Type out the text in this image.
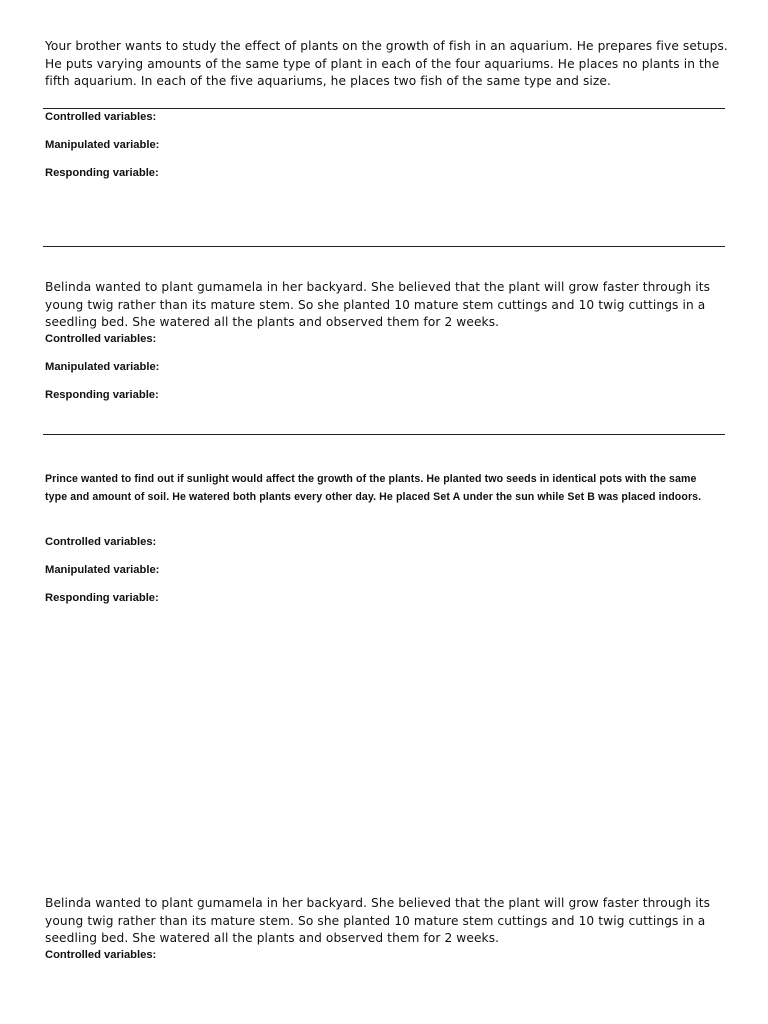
Your brother wants to study the effect of plants on the growth of fish in an aquarium. He prepares five setups. He puts varying amounts of the same type of plant in each of the four aquariums. He places no plants in the fifth aquarium. In each of the five aquariums, he places two fish of the same type and size.

Controlled variables:

Manipulated variable:

Responding variable:

Belinda wanted to plant gumamela in her backyard. She believed that the plant will grow faster through its young twig rather than its mature stem. So she planted 10 mature stem cuttings and 10 twig cuttings in a seedling bed. She watered all the plants and observed them for 2 weeks.

Controlled variables:

Manipulated variable:

Responding variable:

Prince wanted to find out if sunlight would affect the growth of the plants. He planted two seeds in identical pots with the same type and amount of soil. He watered both plants every other day. He placed Set A under the sun while Set B was placed indoors.

Controlled variables:

Manipulated variable:

Responding variable:

Belinda wanted to plant gumamela in her backyard. She believed that the plant will grow faster through its young twig rather than its mature stem. So she planted 10 mature stem cuttings and 10 twig cuttings in a seedling bed. She watered all the plants and observed them for 2 weeks.

Controlled variables:
